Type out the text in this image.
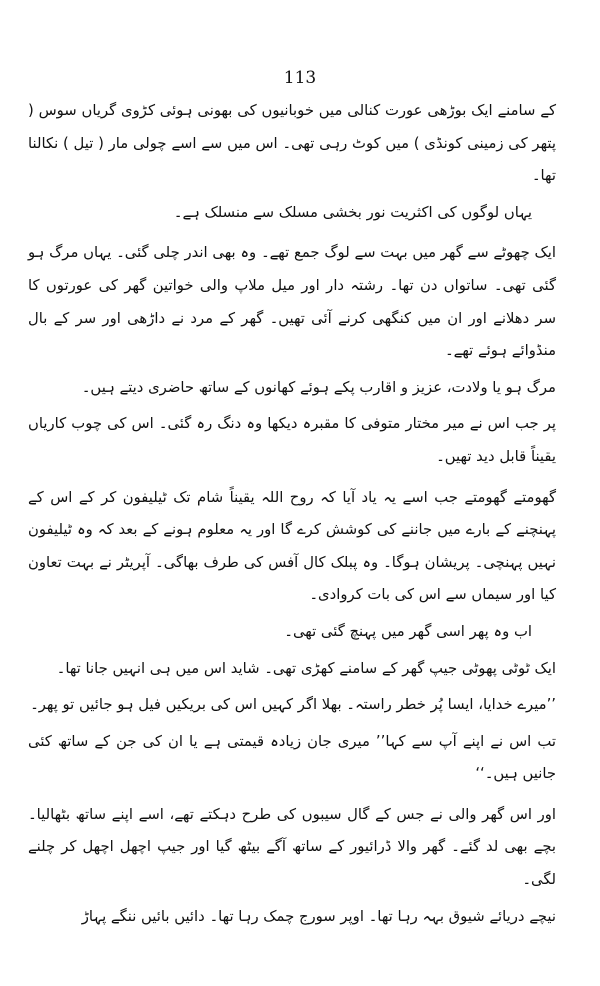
113

کے سامنے ایک بوڑھی عورت کنالی میں خوبانیوں کی بھونی ہوئی کڑوی گریاں سوس ( پتھر کی زمینی کونڈی ) میں کوٹ رہی تھی۔ اس میں سے اسے چولی مار ( تیل ) نکالنا تھا۔

یہاں لوگوں کی اکثریت نور بخشی مسلک سے منسلک ہے۔

ایک چھوٹے سے گھر میں بہت سے لوگ جمع تھے۔ وہ بھی اندر چلی گئی۔ یہاں مرگ ہو گئی تھی۔ ساتواں دن تھا۔ رشتہ دار اور میل ملاپ والی خواتین گھر کی عورتوں کا سر دھلانے اور ان میں کنگھی کرنے آئی تھیں۔ گھر کے مرد نے داڑھی اور سر کے بال منڈوائے ہوئے تھے۔

مرگ ہو یا ولادت، عزیز و اقارب پکے ہوئے کھانوں کے ساتھ حاضری دیتے ہیں۔

پر جب اس نے میر مختار متوفی کا مقبرہ دیکھا وہ دنگ رہ گئی۔ اس کی چوب کاریاں یقیناً قابل دید تھیں۔

گھومتے گھومتے جب اسے یہ یاد آیا کہ روح اللہ یقیناً شام تک ٹیلیفون کر کے اس کے پہنچنے کے بارے میں جاننے کی کوشش کرے گا اور یہ معلوم ہونے کے بعد کہ وہ ٹیلیفون نہیں پہنچی۔ پریشان ہوگا۔ وہ پبلک کال آفس کی طرف بھاگی۔ آپریٹر نے بہت تعاون کیا اور سیماں سے اس کی بات کروادی۔

اب وہ پھر اسی گھر میں پہنچ گئی تھی۔

ایک ٹوٹی پھوٹی جیپ گھر کے سامنے کھڑی تھی۔ شاید اس میں ہی انہیں جانا تھا۔

’’میرے خدایا، ایسا پُر خطر راستہ۔ بھلا اگر کہیں اس کی بریکیں فیل ہو جائیں تو پھر۔

تب اس نے اپنے آپ سے کہا’’ میری جان زیادہ قیمتی ہے یا ان کی جن کے ساتھ کئی جانیں ہیں۔‘‘

اور اس گھر والی نے جس کے گال سیبوں کی طرح دہکتے تھے، اسے اپنے ساتھ بٹھالیا۔ بچے بھی لد گئے۔ گھر والا ڈرائیور کے ساتھ آگے بیٹھ گیا اور جیپ اچھل اچھل کر چلنے لگی۔

نیچے دریائے شیوق بہہ رہا تھا۔ اوپر سورج چمک رہا تھا۔ دائیں بائیں ننگے پہاڑ
